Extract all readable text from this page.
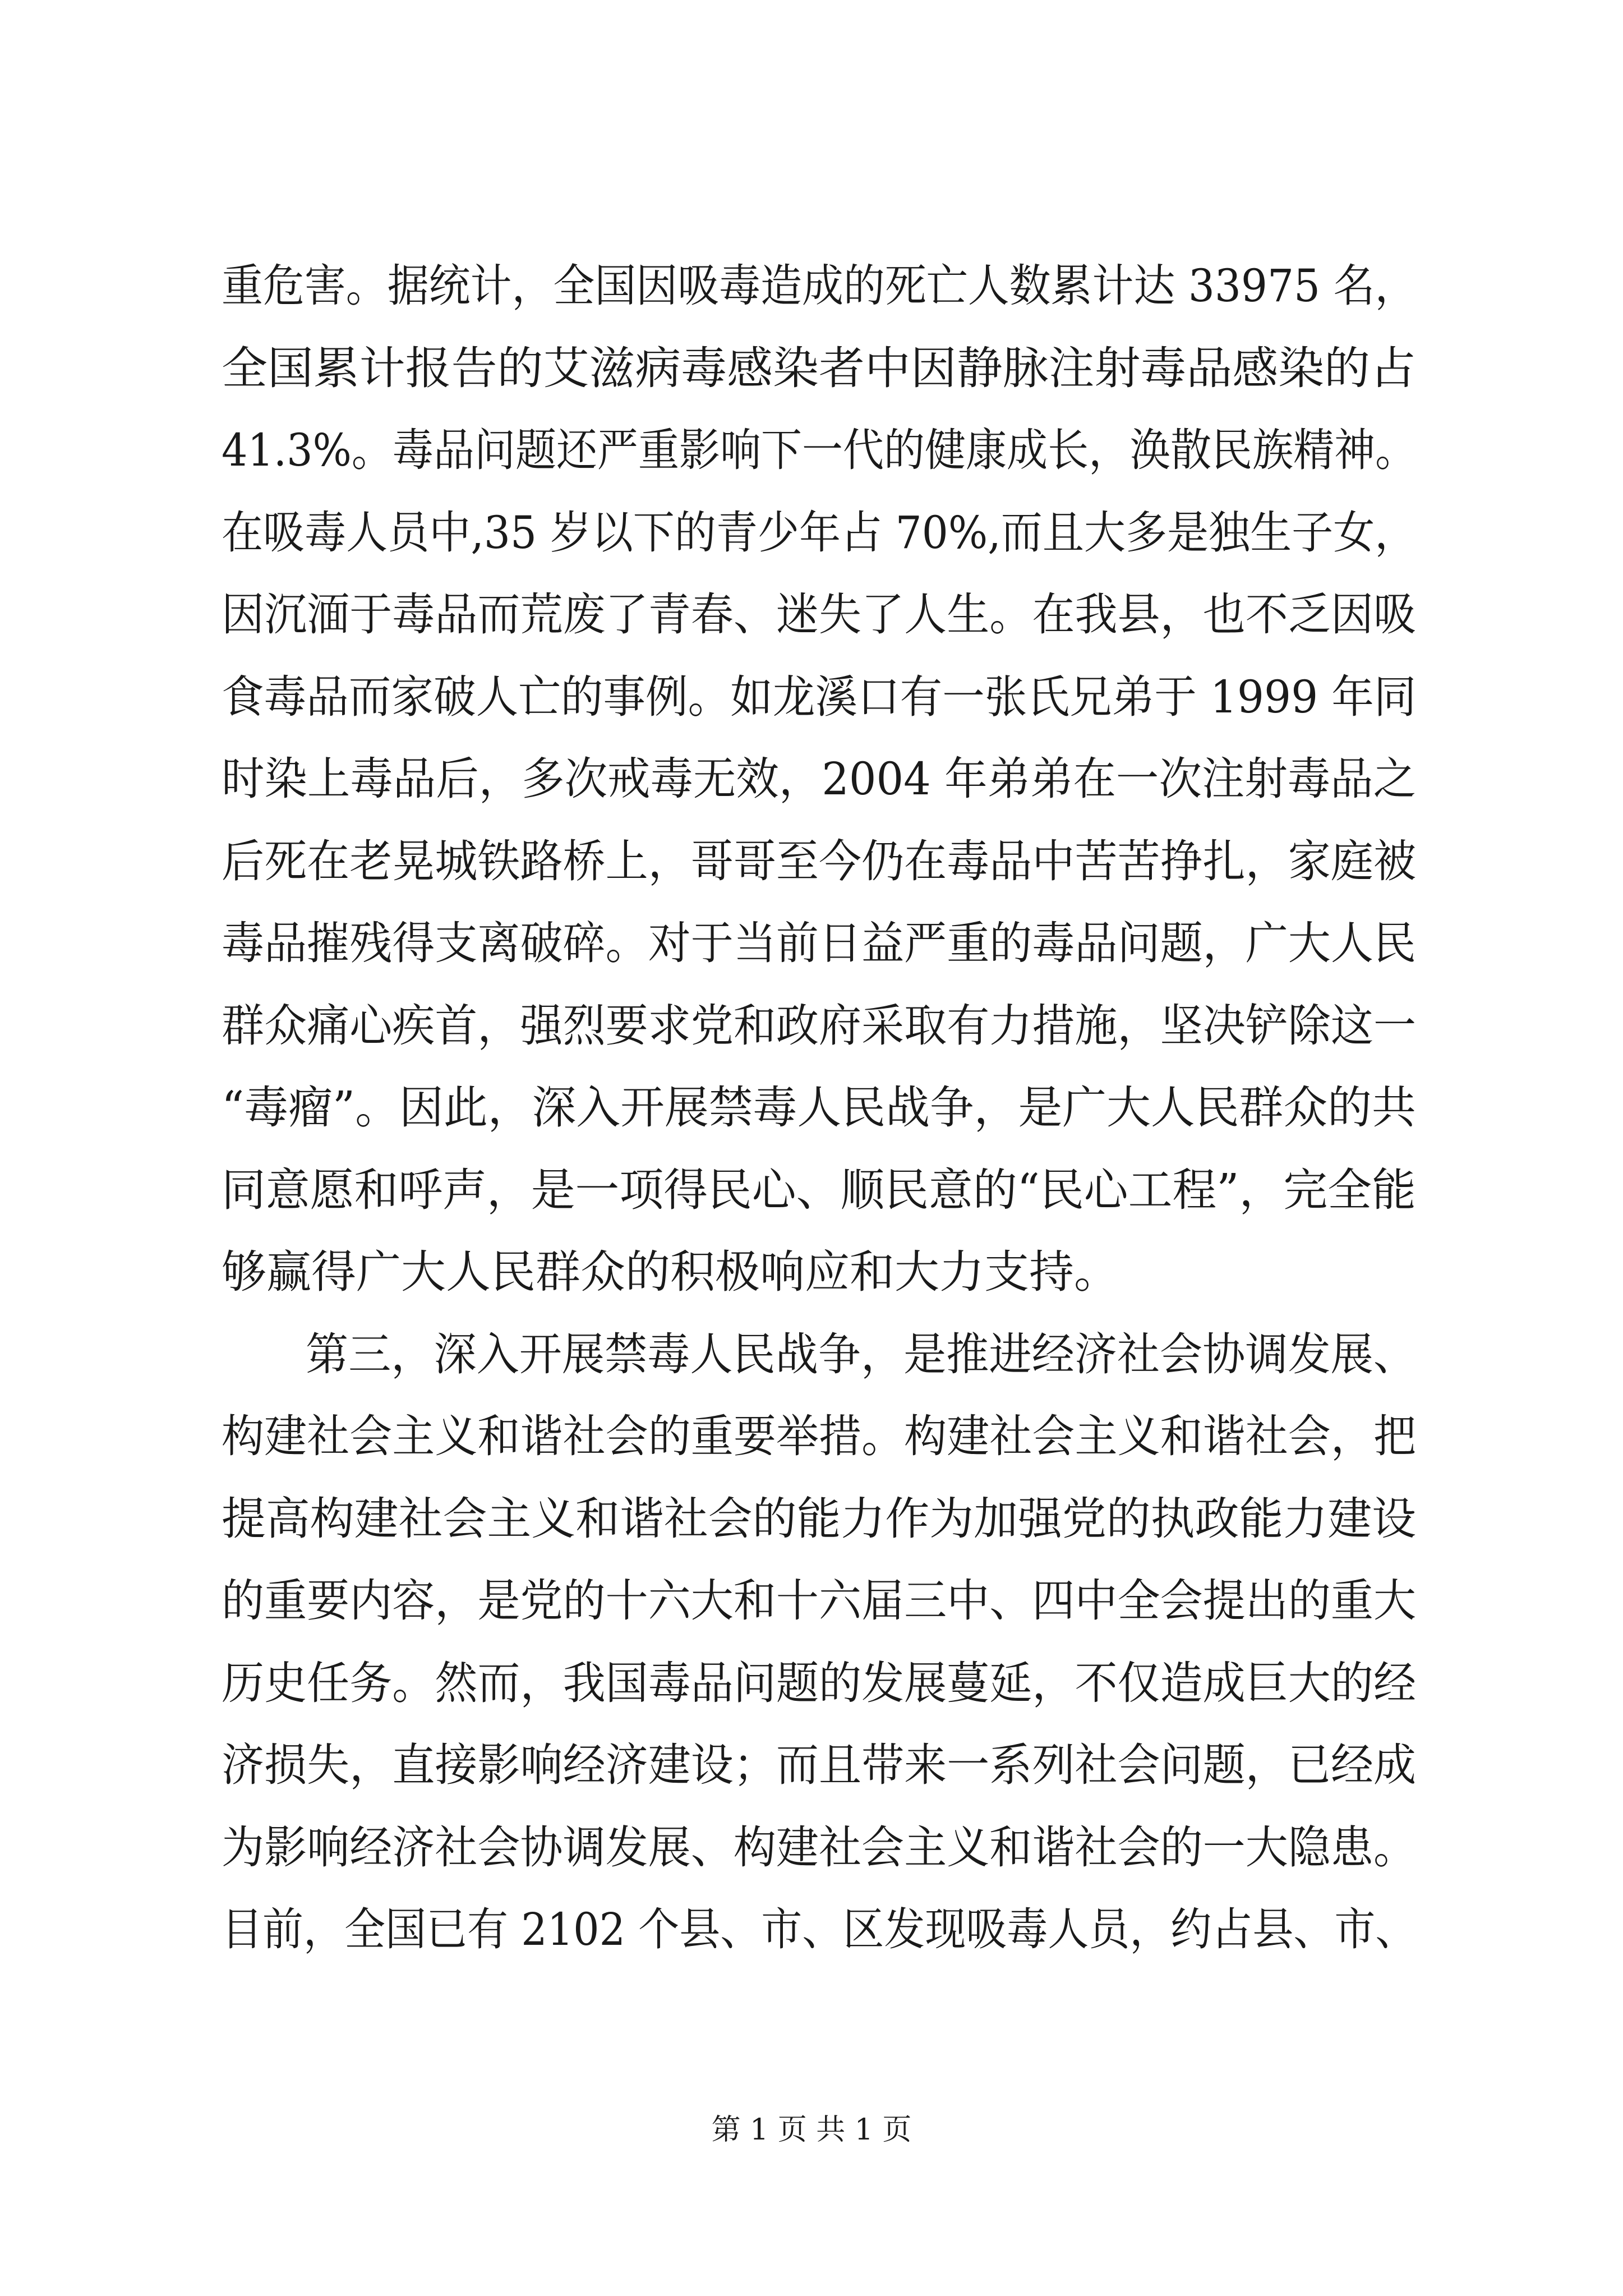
重危害。据统计，全国因吸毒造成的死亡人数累计达 33975 名，
全国累计报告的艾滋病毒感染者中因静脉注射毒品感染的占
41.3%。毒品问题还严重影响下一代的健康成长，涣散民族精神。
在吸毒人员中,35 岁以下的青少年占 70%,而且大多是独生子女，
因沉湎于毒品而荒废了青春、迷失了人生。在我县，也不乏因吸
食毒品而家破人亡的事例。如龙溪口有一张氏兄弟于 1999 年同
时染上毒品后，多次戒毒无效，2004 年弟弟在一次注射毒品之
后死在老晃城铁路桥上，哥哥至今仍在毒品中苦苦挣扎，家庭被
毒品摧残得支离破碎。对于当前日益严重的毒品问题，广大人民
群众痛心疾首，强烈要求党和政府采取有力措施，坚决铲除这一
“毒瘤”。因此，深入开展禁毒人民战争，是广大人民群众的共
同意愿和呼声，是一项得民心、顺民意的“民心工程”，完全能
够赢得广大人民群众的积极响应和大力支持。
第三，深入开展禁毒人民战争，是推进经济社会协调发展、
构建社会主义和谐社会的重要举措。构建社会主义和谐社会，把
提高构建社会主义和谐社会的能力作为加强党的执政能力建设
的重要内容，是党的十六大和十六届三中、四中全会提出的重大
历史任务。然而，我国毒品问题的发展蔓延，不仅造成巨大的经
济损失，直接影响经济建设；而且带来一系列社会问题，已经成
为影响经济社会协调发展、构建社会主义和谐社会的一大隐患。
目前，全国已有 2102 个县、市、区发现吸毒人员，约占县、市、
第 1 页 共 1 页
